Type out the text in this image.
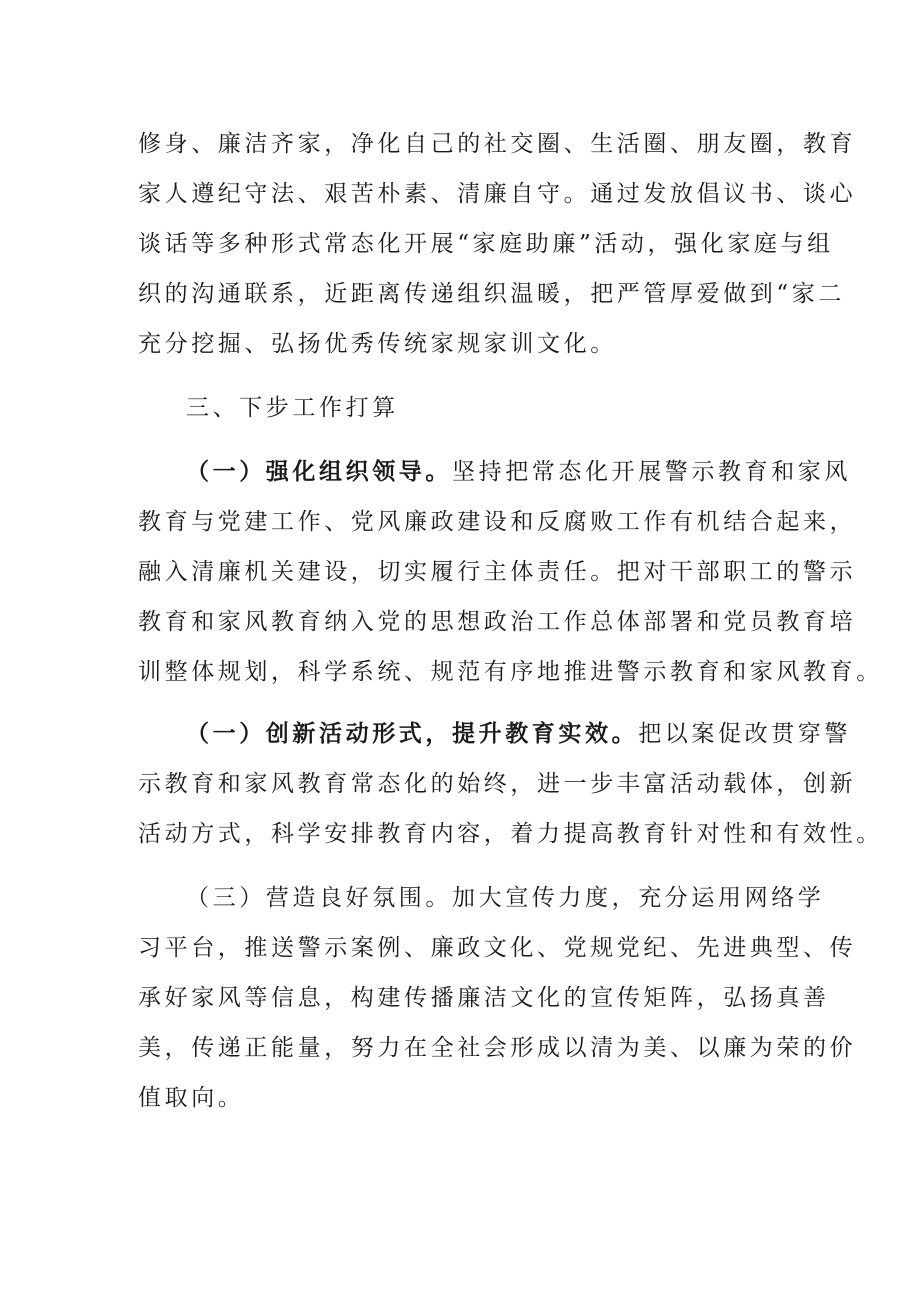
修身、廉洁齐家，净化自己的社交圈、生活圈、朋友圈，教育
家人遵纪守法、艰苦朴素、清廉自守。通过发放倡议书、谈心
谈话等多种形式常态化开展“家庭助廉”活动，强化家庭与组
织的沟通联系，近距离传递组织温暖，把严管厚爱做到“家二
充分挖掘、弘扬优秀传统家规家训文化。
三、下步工作打算
（一）强化组织领导。坚持把常态化开展警示教育和家风
教育与党建工作、党风廉政建设和反腐败工作有机结合起来，
融入清廉机关建设，切实履行主体责任。把对干部职工的警示
教育和家风教育纳入党的思想政治工作总体部署和党员教育培
训整体规划，科学系统、规范有序地推进警示教育和家风教育。
（一）创新活动形式，提升教育实效。把以案促改贯穿警
示教育和家风教育常态化的始终，进一步丰富活动载体，创新
活动方式，科学安排教育内容，着力提高教育针对性和有效性。
（三）营造良好氛围。加大宣传力度，充分运用网络学
习平台，推送警示案例、廉政文化、党规党纪、先进典型、传
承好家风等信息，构建传播廉洁文化的宣传矩阵，弘扬真善
美，传递正能量，努力在全社会形成以清为美、以廉为荣的价
值取向。
